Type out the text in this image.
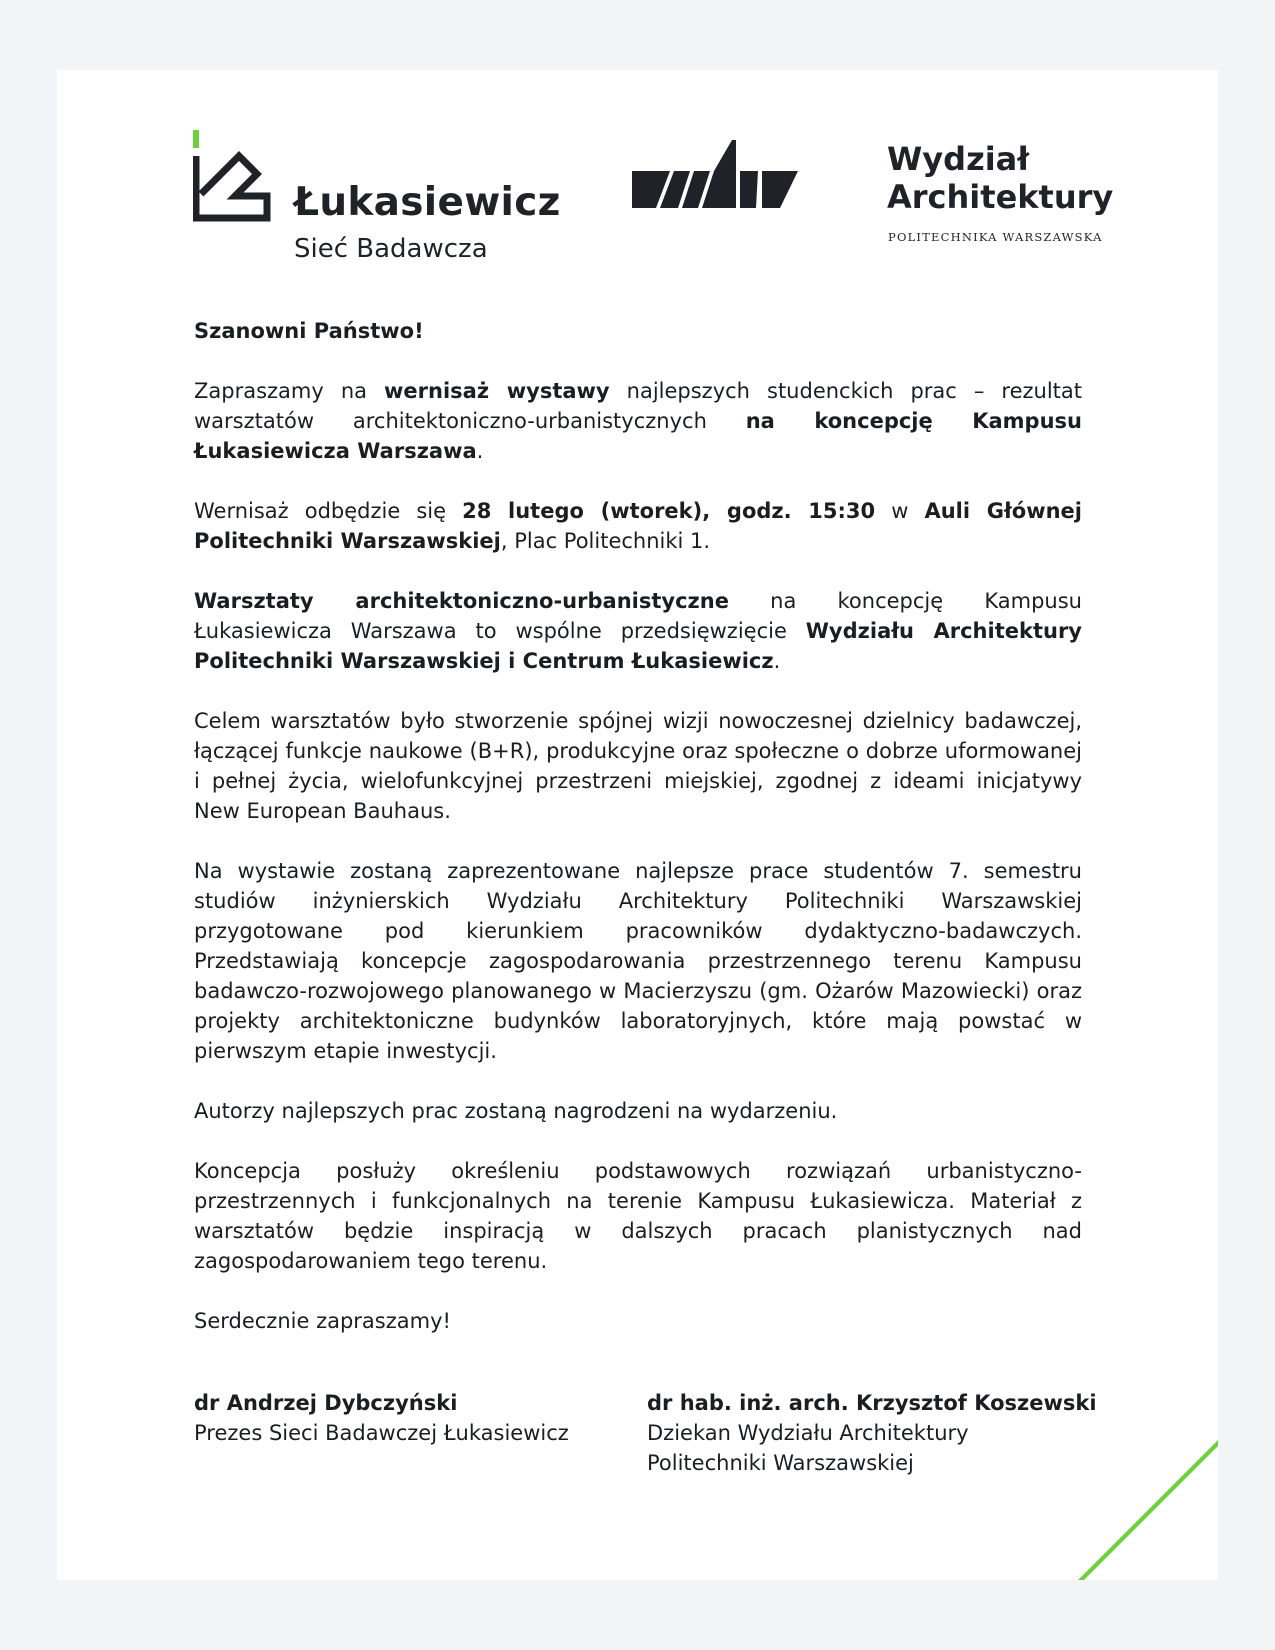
Łukasiewicz
Sieć Badawcza
Wydział
Architektury
POLITECHNIKA WARSZAWSKA

Szanowni Państwo!

Zapraszamy na wernisaż wystawy najlepszych studenckich prac – rezultat warsztatów architektoniczno-urbanistycznych na koncepcję Kampusu Łukasiewicza Warszawa.

Wernisaż odbędzie się 28 lutego (wtorek), godz. 15:30 w Auli Głównej Politechniki Warszawskiej, Plac Politechniki 1.

Warsztaty architektoniczno-urbanistyczne na koncepcję Kampusu Łukasiewicza Warszawa to wspólne przedsięwzięcie Wydziału Architektury Politechniki Warszawskiej i Centrum Łukasiewicz.

Celem warsztatów było stworzenie spójnej wizji nowoczesnej dzielnicy badawczej, łączącej funkcje naukowe (B+R), produkcyjne oraz społeczne o dobrze uformowanej i pełnej życia, wielofunkcyjnej przestrzeni miejskiej, zgodnej z ideami inicjatywy New European Bauhaus.

Na wystawie zostaną zaprezentowane najlepsze prace studentów 7. semestru studiów inżynierskich Wydziału Architektury Politechniki Warszawskiej przygotowane pod kierunkiem pracowników dydaktyczno-badawczych. Przedstawiają koncepcje zagospodarowania przestrzennego terenu Kampusu badawczo-rozwojowego planowanego w Macierzyszu (gm. Ożarów Mazowiecki) oraz projekty architektoniczne budynków laboratoryjnych, które mają powstać w pierwszym etapie inwestycji.

Autorzy najlepszych prac zostaną nagrodzeni na wydarzeniu.

Koncepcja posłuży określeniu podstawowych rozwiązań urbanistyczno-przestrzennych i funkcjonalnych na terenie Kampusu Łukasiewicza. Materiał z warsztatów będzie inspiracją w dalszych pracach planistycznych nad zagospodarowaniem tego terenu.

Serdecznie zapraszamy!

dr Andrzej Dybczyński
Prezes Sieci Badawczej Łukasiewicz
dr hab. inż. arch. Krzysztof Koszewski
Dziekan Wydziału Architektury
Politechniki Warszawskiej
